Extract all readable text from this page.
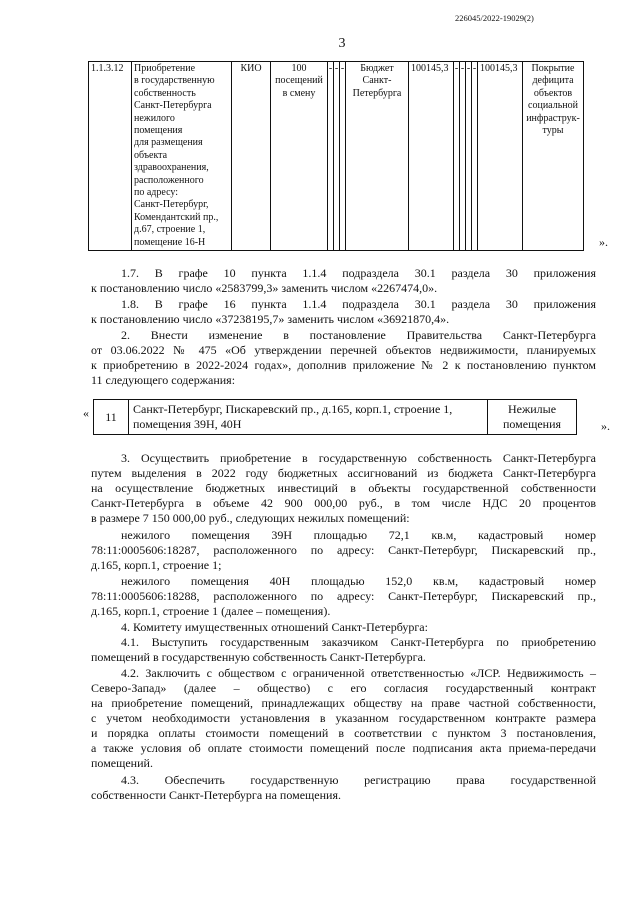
226045/2022-19029(2)
3
1.1.3.12	Приобретение
в государственную
собственность
Санкт-Петербурга
нежилого
помещения
для размещения
объекта
здравоохранения,
расположенного
по адресу:
Санкт-Петербург,
Комендантский пр.,
д.67, строение 1,
помещение 16-Н
	КИО	100
посещений
в смену
	-	-	-	Бюджет
Санкт-
Петербурга
	100145,3	-	-	-	-	100145,3	Покрытие
дефицита
объектов
социальной
инфраструк-
туры
».
1.7. В графе 10 пункта 1.1.4 подраздела 30.1 раздела 30 приложения
к постановлению число «2583799,3» заменить числом «2267474,0».
1.8. В графе 16 пункта 1.1.4 подраздела 30.1 раздела 30 приложения
к постановлению число «37238195,7» заменить числом «36921870,4».
2. Внести изменение в постановление Правительства Санкт-Петербурга
от 03.06.2022 № 475 «Об утверждении перечней объектов недвижимости, планируемых
к приобретению в 2022-2024 годах», дополнив приложение № 2 к постановлению пунктом
11 следующего содержания:
« 11	Санкт-Петербург, Пискаревский пр., д.165, корп.1, строение 1, помещения 39Н, 40Н	Нежилые помещения	».
3. Осуществить приобретение в государственную собственность Санкт-Петербурга
путем выделения в 2022 году бюджетных ассигнований из бюджета Санкт-Петербурга
на осуществление бюджетных инвестиций в объекты государственной собственности
Санкт-Петербурга в объеме 42 900 000,00 руб., в том числе НДС 20 процентов
в размере 7 150 000,00 руб., следующих нежилых помещений:
нежилого помещения 39Н площадью 72,1 кв.м, кадастровый номер
78:11:0005606:18287, расположенного по адресу: Санкт-Петербург, Пискаревский пр.,
д.165, корп.1, строение 1;
нежилого помещения 40Н площадью 152,0 кв.м, кадастровый номер
78:11:0005606:18288, расположенного по адресу: Санкт-Петербург, Пискаревский пр.,
д.165, корп.1, строение 1 (далее – помещения).
4. Комитету имущественных отношений Санкт-Петербурга:
4.1. Выступить государственным заказчиком Санкт-Петербурга по приобретению
помещений в государственную собственность Санкт-Петербурга.
4.2. Заключить с обществом с ограниченной ответственностью «ЛСР. Недвижимость –
Северо-Запад» (далее – общество) с его согласия государственный контракт
на приобретение помещений, принадлежащих обществу на праве частной собственности,
с учетом необходимости установления в указанном государственном контракте размера
и порядка оплаты стоимости помещений в соответствии с пунктом 3 постановления,
а также условия об оплате стоимости помещений после подписания акта приема-передачи
помещений.
4.3. Обеспечить государственную регистрацию права государственной
собственности Санкт-Петербурга на помещения.
